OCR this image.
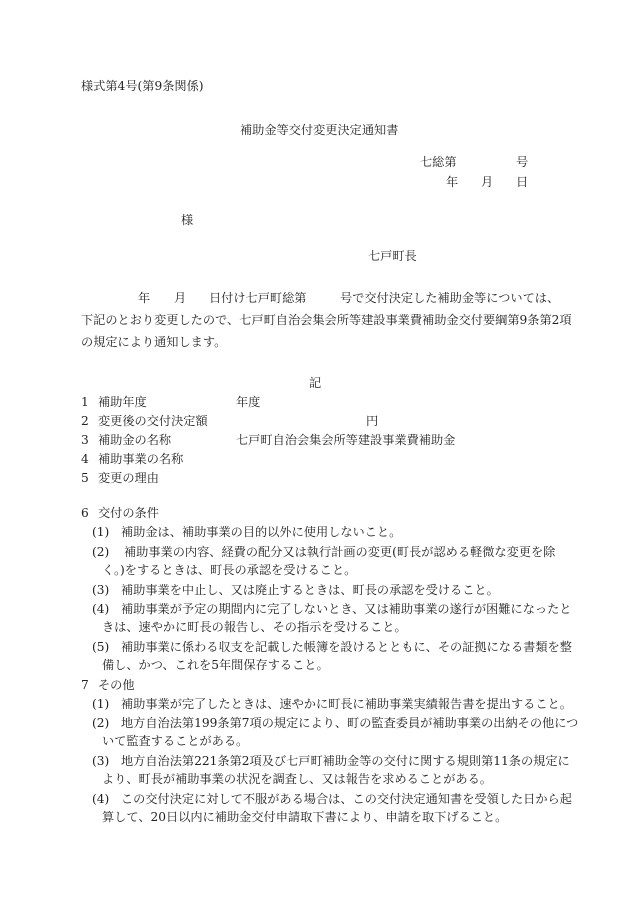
様式第4号(第9条関係)
補助金等交付変更決定通知書
七総第	号
年 月 日
様
七戸町長
年 月 日付け七戸町総第	号で交付決定した補助金等については、
下記のとおり変更したので、七戸町自治会集会所等建設事業費補助金交付要綱第9条第2項
の規定により通知します。
記
1 補助年度	年度
2 変更後の交付決定額	円
3 補助金の名称	七戸町自治会集会所等建設事業費補助金
4 補助事業の名称
5 変更の理由
6 交付の条件
(1) 補助金は、補助事業の目的以外に使用しないこと。
(2) 補助事業の内容、経費の配分又は執行計画の変更(町長が認める軽微な変更を除
く。)をするときは、町長の承認を受けること。
(3) 補助事業を中止し、又は廃止するときは、町長の承認を受けること。
(4) 補助事業が予定の期間内に完了しないとき、又は補助事業の遂行が困難になったと
きは、速やかに町長の報告し、その指示を受けること。
(5) 補助事業に係わる収支を記載した帳簿を設けるとともに、その証拠になる書類を整
備し、かつ、これを5年間保存すること。
7 その他
(1) 補助事業が完了したときは、速やかに町長に補助事業実績報告書を提出すること。
(2) 地方自治法第199条第7項の規定により、町の監査委員が補助事業の出納その他につ
いて監査することがある。
(3) 地方自治法第221条第2項及び七戸町補助金等の交付に関する規則第11条の規定に
より、町長が補助事業の状況を調査し、又は報告を求めることがある。
(4) この交付決定に対して不服がある場合は、この交付決定通知書を受領した日から起
算して、20日以内に補助金交付申請取下書により、申請を取下げること。
